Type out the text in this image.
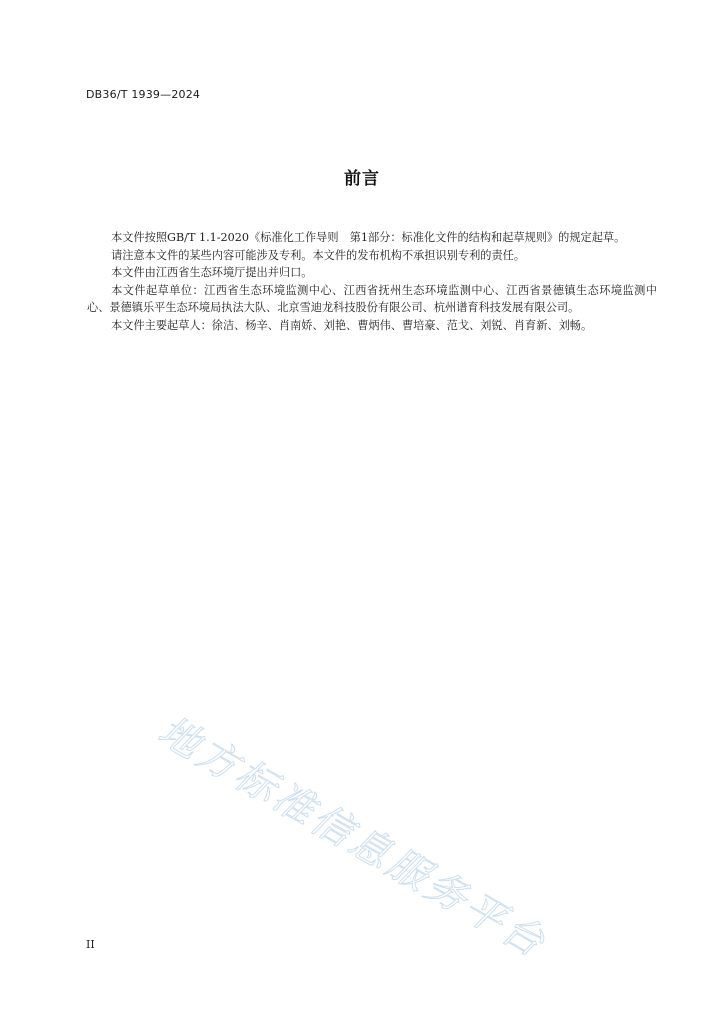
DB36/T 1939—2024
前言

本文件按照GB/T 1.1-2020《标准化工作导则　第1部分：标准化文件的结构和起草规则》的规定起草。

请注意本文件的某些内容可能涉及专利。本文件的发布机构不承担识别专利的责任。

本文件由江西省生态环境厅提出并归口。

本文件起草单位：江西省生态环境监测中心、江西省抚州生态环境监测中心、江西省景德镇生态环境监测中心、景德镇乐平生态环境局执法大队、北京雪迪龙科技股份有限公司、杭州谱育科技发展有限公司。

本文件主要起草人：徐洁、杨辛、肖南娇、刘艳、曹炳伟、曹培豪、范戈、刘锐、肖育新、刘畅。

地方标准信息服务平台
II
